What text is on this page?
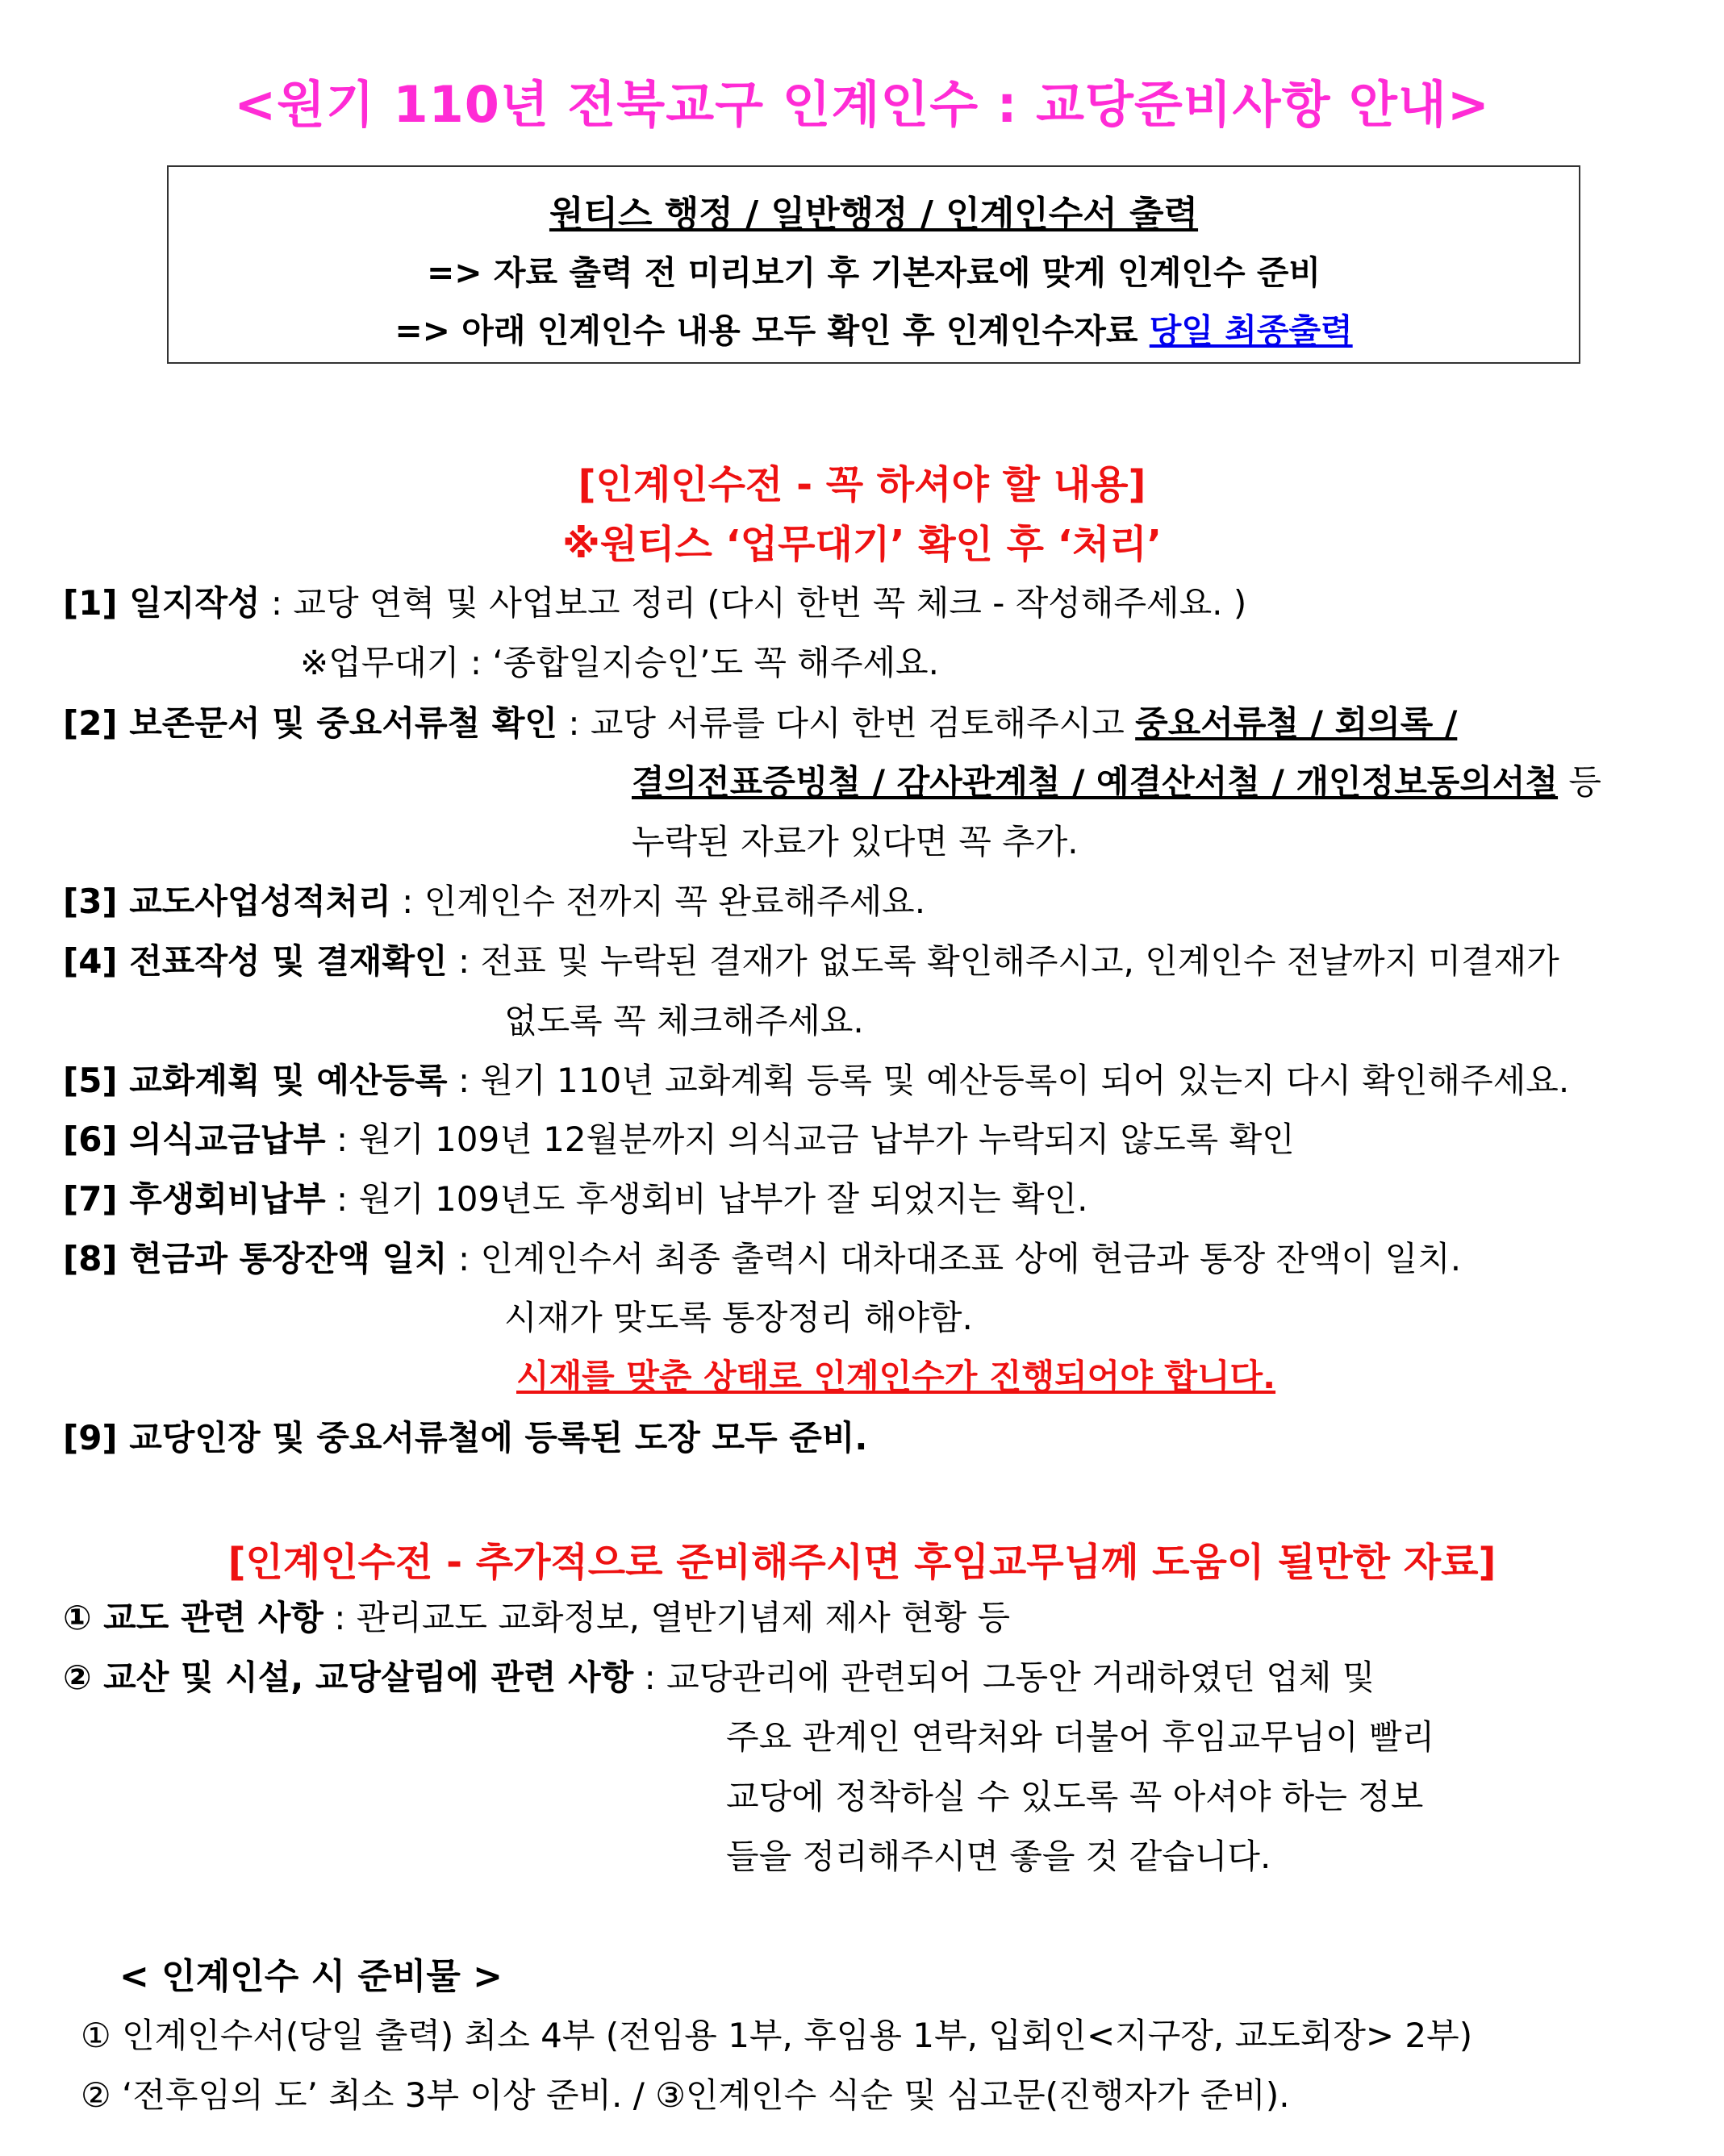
<원기 110년 전북교구 인계인수 : 교당준비사항 안내>
원티스 행정 / 일반행정 / 인계인수서 출력
=> 자료 출력 전 미리보기 후 기본자료에 맞게 인계인수 준비
=> 아래 인계인수 내용 모두 확인 후 인계인수자료 당일 최종출력
[인계인수전 - 꼭 하셔야 할 내용]
※원티스 ‘업무대기’ 확인 후 ‘처리’
[1] 일지작성 : 교당 연혁 및 사업보고 정리 (다시 한번 꼭 체크 - 작성해주세요. )
※업무대기 : ‘종합일지승인’도 꼭 해주세요.
[2] 보존문서 및 중요서류철 확인 : 교당 서류를 다시 한번 검토해주시고 중요서류철 / 회의록 /
결의전표증빙철 / 감사관계철 / 예결산서철 / 개인정보동의서철 등
누락된 자료가 있다면 꼭 추가.
[3] 교도사업성적처리 : 인계인수 전까지 꼭 완료해주세요.
[4] 전표작성 및 결재확인 : 전표 및 누락된 결재가 없도록 확인해주시고, 인계인수 전날까지 미결재가
없도록 꼭 체크해주세요.
[5] 교화계획 및 예산등록 : 원기 110년 교화계획 등록 및 예산등록이 되어 있는지 다시 확인해주세요.
[6] 의식교금납부 : 원기 109년 12월분까지 의식교금 납부가 누락되지 않도록 확인
[7] 후생회비납부 : 원기 109년도 후생회비 납부가 잘 되었지는 확인.
[8] 현금과 통장잔액 일치 : 인계인수서 최종 출력시 대차대조표 상에 현금과 통장 잔액이 일치.
시재가 맞도록 통장정리 해야함.
시재를 맞춘 상태로 인계인수가 진행되어야 합니다.
[9] 교당인장 및 중요서류철에 등록된 도장 모두 준비.
[인계인수전 - 추가적으로 준비해주시면 후임교무님께 도움이 될만한 자료]
① 교도 관련 사항 : 관리교도 교화정보, 열반기념제 제사 현황 등
② 교산 및 시설, 교당살림에 관련 사항 : 교당관리에 관련되어 그동안 거래하였던 업체 및
주요 관계인 연락처와 더불어 후임교무님이 빨리
교당에 정착하실 수 있도록 꼭 아셔야 하는 정보
들을 정리해주시면 좋을 것 같습니다.
< 인계인수 시 준비물 >
① 인계인수서(당일 출력) 최소 4부 (전임용 1부, 후임용 1부, 입회인<지구장, 교도회장> 2부)
② ‘전후임의 도’ 최소 3부 이상 준비. / ③인계인수 식순 및 심고문(진행자가 준비).
